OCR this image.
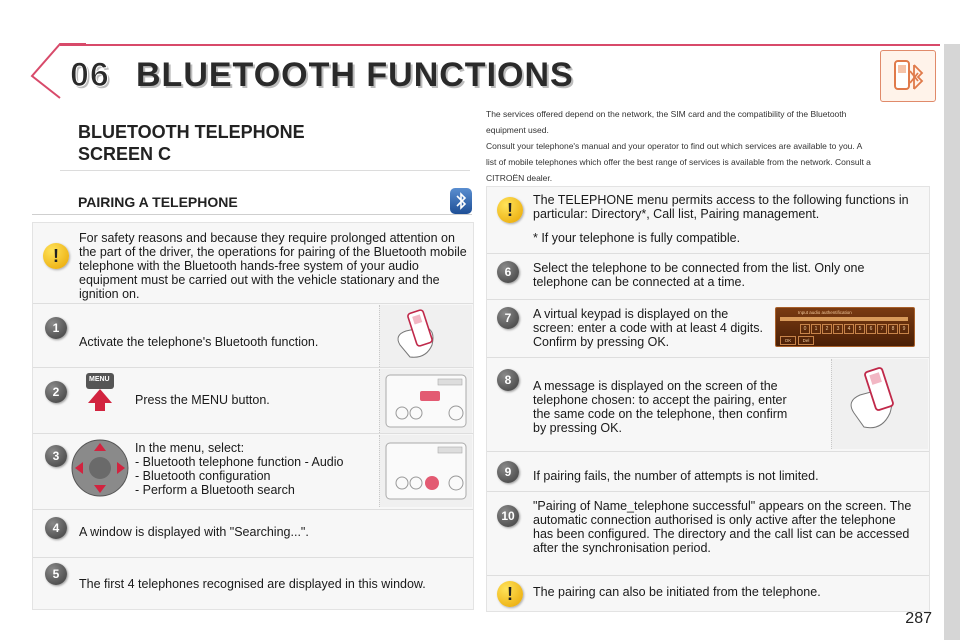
06 BLUETOOTH FUNCTIONS
BLUETOOTH TELEPHONE
SCREEN C
PAIRING A TELEPHONE
!
For safety reasons and because they require prolonged attention on the part of the driver, the operations for pairing of the Bluetooth mobile telephone with the Bluetooth hands-free system of your audio equipment must be carried out with the vehicle stationary and the ignition on.
1
Activate the telephone's Bluetooth function.
2
MENU
Press the MENU button.
3
In the menu, select:
- Bluetooth telephone function - Audio
- Bluetooth configuration
- Perform a Bluetooth search
4	A window is displayed with "Searching...".
5
The first 4 telephones recognised are displayed in this window.
The services offered depend on the network, the SIM card and the compatibility of the Bluetooth
equipment used.
Consult your telephone's manual and your operator to find out which services are available to you. A
list of mobile telephones which offer the best range of services is available from the network. Consult a
CITROËN dealer.
!	The TELEPHONE menu permits access to the following functions in particular: Directory*, Call list, Pairing management.
* If your telephone is fully compatible.
6	Select the telephone to be connected from the list. Only one telephone can be connected at a time.
7	A virtual keypad is displayed on the screen: enter a code with at least 4 digits. Confirm by pressing OK.
Input audio authentification
0	1	2	3	4	5	6	7	8	9
OK	Del
8	A message is displayed on the screen of the telephone chosen: to accept the pairing, enter the same code on the telephone, then confirm by pressing OK.
9	If pairing fails, the number of attempts is not limited.
10
"Pairing of Name_telephone successful" appears on the screen. The automatic connection authorised is only active after the telephone has been configured. The directory and the call list can be accessed after the synchronisation period.
!	The pairing can also be initiated from the telephone.
287
